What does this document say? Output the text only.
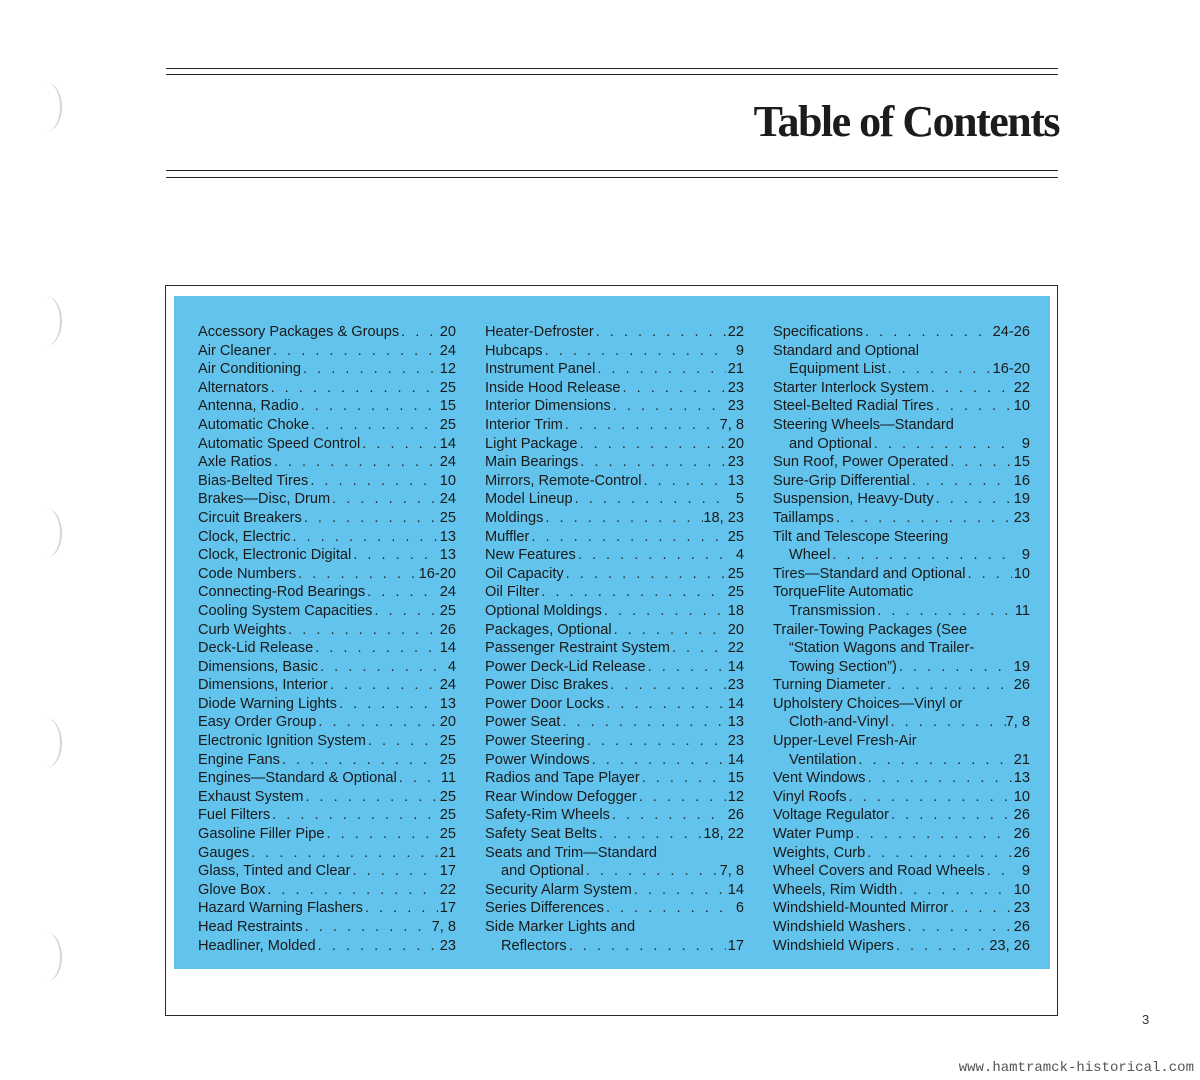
Table of Contents
Accessory Packages & Groups . . .	20
Air Cleaner . . .	24
Air Conditioning . . .	12
Alternators . . .	25
Antenna, Radio . . .	15
Automatic Choke . . .	25
Automatic Speed Control . . .	14
Axle Ratios . . .	24
Bias-Belted Tires . . .	10
Brakes—Disc, Drum . . .	24
Circuit Breakers . . .	25
Clock, Electric . . .	13
Clock, Electronic Digital . . .	13
Code Numbers . . .	16-20
Connecting-Rod Bearings . . .	24
Cooling System Capacities . . .	25
Curb Weights . . .	26
Deck-Lid Release . . .	14
Dimensions, Basic . . .	4
Dimensions, Interior . . .	24
Diode Warning Lights . . .	13
Easy Order Group . . .	20
Electronic Ignition System . . .	25
Engine Fans . . .	25
Engines—Standard & Optional . . .	11
Exhaust System . . .	25
Fuel Filters . . .	25
Gasoline Filler Pipe . . .	25
Gauges . . .	21
Glass, Tinted and Clear . . .	17
Glove Box . . .	22
Hazard Warning Flashers . . .	17
Head Restraints . . .	7, 8
Headliner, Molded . . .	23
Heater-Defroster . . .	22
Hubcaps . . .	9
Instrument Panel . . .	21
Inside Hood Release . . .	23
Interior Dimensions . . .	23
Interior Trim . . .	7, 8
Light Package . . .	20
Main Bearings . . .	23
Mirrors, Remote-Control . . .	13
Model Lineup . . .	5
Moldings . . .	18, 23
Muffler . . .	25
New Features . . .	4
Oil Capacity . . .	25
Oil Filter . . .	25
Optional Moldings . . .	18
Packages, Optional . . .	20
Passenger Restraint System . . .	22
Power Deck-Lid Release . . .	14
Power Disc Brakes . . .	23
Power Door Locks . . .	14
Power Seat . . .	13
Power Steering . . .	23
Power Windows . . .	14
Radios and Tape Player . . .	15
Rear Window Defogger . . .	12
Safety-Rim Wheels . . .	26
Safety Seat Belts . . .	18, 22
Seats and Trim—Standard
and Optional . . .	7, 8
Security Alarm System . . .	14
Series Differences . . .	6
Side Marker Lights and
Reflectors . . .	17
Specifications . . .	24-26
Standard and Optional
Equipment List . . .	16-20
Starter Interlock System . . .	22
Steel-Belted Radial Tires . . .	10
Steering Wheels—Standard
and Optional . . .	9
Sun Roof, Power Operated . . .	15
Sure-Grip Differential . . .	16
Suspension, Heavy-Duty . . .	19
Taillamps . . .	23
Tilt and Telescope Steering
Wheel . . .	9
Tires—Standard and Optional . . .	10
TorqueFlite Automatic
Transmission . . .	11
Trailer-Towing Packages (See
“Station Wagons and Trailer-
Towing Section”) . . .	19
Turning Diameter . . .	26
Upholstery Choices—Vinyl or
Cloth-and-Vinyl . . .	7, 8
Upper-Level Fresh-Air
Ventilation . . .	21
Vent Windows . . .	13
Vinyl Roofs . . .	10
Voltage Regulator . . .	26
Water Pump . . .	26
Weights, Curb . . .	26
Wheel Covers and Road Wheels . . .	9
Wheels, Rim Width . . .	10
Windshield-Mounted Mirror . . .	23
Windshield Washers . . .	26
Windshield Wipers . . .	23, 26
3
www.hamtramck-historical.com
